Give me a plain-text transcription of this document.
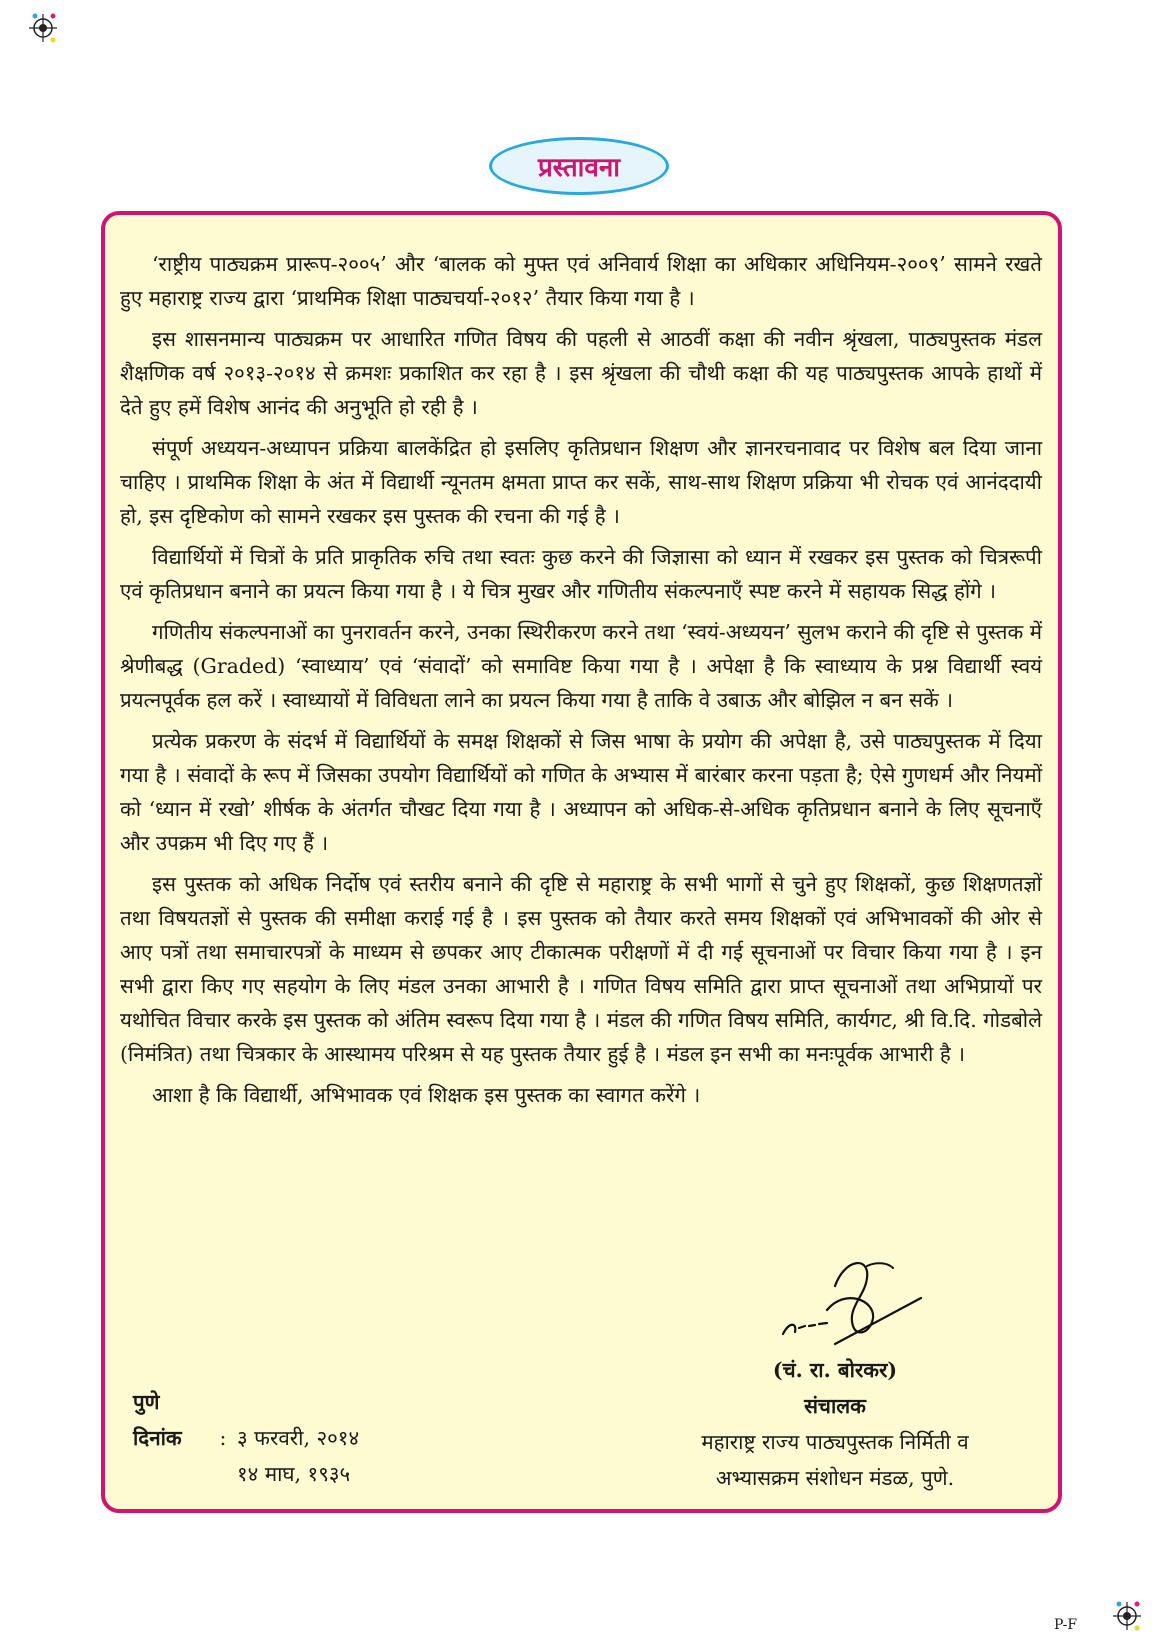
प्रस्तावना

‘राष्ट्रीय पाठ्यक्रम प्रारूप-२००५’ और ‘बालक को मुफ्त एवं अनिवार्य शिक्षा का अधिकार अधिनियम-२००९’ सामने रखते हुए महाराष्ट्र राज्य द्वारा ‘प्राथमिक शिक्षा पाठ्यचर्या-२०१२’ तैयार किया गया है ।

इस शासनमान्य पाठ्यक्रम पर आधारित गणित विषय की पहली से आठवीं कक्षा की नवीन श्रृंखला, पाठ्यपुस्तक मंडल शैक्षणिक वर्ष २०१३-२०१४ से क्रमशः प्रकाशित कर रहा है । इस श्रृंखला की चौथी कक्षा की यह पाठ्यपुस्तक आपके हाथों में देते हुए हमें विशेष आनंद की अनुभूति हो रही है ।

संपूर्ण अध्ययन-अध्यापन प्रक्रिया बालकेंद्रित हो इसलिए कृतिप्रधान शिक्षण और ज्ञानरचनावाद पर विशेष बल दिया जाना चाहिए । प्राथमिक शिक्षा के अंत में विद्यार्थी न्यूनतम क्षमता प्राप्त कर सकें, साथ-साथ शिक्षण प्रक्रिया भी रोचक एवं आनंददायी हो, इस दृष्टिकोण को सामने रखकर इस पुस्तक की रचना की गई है ।

विद्यार्थियों में चित्रों के प्रति प्राकृतिक रुचि तथा स्वतः कुछ करने की जिज्ञासा को ध्यान में रखकर इस पुस्तक को चित्ररूपी एवं कृतिप्रधान बनाने का प्रयत्न किया गया है । ये चित्र मुखर और गणितीय संकल्पनाएँ स्पष्ट करने में सहायक सिद्ध होंगे ।

गणितीय संकल्पनाओं का पुनरावर्तन करने, उनका स्थिरीकरण करने तथा ‘स्वयं-अध्ययन’ सुलभ कराने की दृष्टि से पुस्तक में श्रेणीबद्ध (Graded) ‘स्वाध्याय’ एवं ‘संवादों’ को समाविष्ट किया गया है । अपेक्षा है कि स्वाध्याय के प्रश्न विद्यार्थी स्वयं प्रयत्नपूर्वक हल करें । स्वाध्यायों में विविधता लाने का प्रयत्न किया गया है ताकि वे उबाऊ और बोझिल न बन सकें ।

प्रत्येक प्रकरण के संदर्भ में विद्यार्थियों के समक्ष शिक्षकों से जिस भाषा के प्रयोग की अपेक्षा है, उसे पाठ्यपुस्तक में दिया गया है । संवादों के रूप में जिसका उपयोग विद्यार्थियों को गणित के अभ्यास में बारंबार करना पड़ता है; ऐसे गुणधर्म और नियमों को ‘ध्यान में रखो’ शीर्षक के अंतर्गत चौखट दिया गया है । अध्यापन को अधिक-से-अधिक कृतिप्रधान बनाने के लिए सूचनाएँ और उपक्रम भी दिए गए हैं ।

इस पुस्तक को अधिक निर्दोष एवं स्तरीय बनाने की दृष्टि से महाराष्ट्र के सभी भागों से चुने हुए शिक्षकों, कुछ शिक्षणतज्ञों तथा विषयतज्ञों से पुस्तक की समीक्षा कराई गई है । इस पुस्तक को तैयार करते समय शिक्षकों एवं अभिभावकों की ओर से आए पत्रों तथा समाचारपत्रों के माध्यम से छपकर आए टीकात्मक परीक्षणों में दी गई सूचनाओं पर विचार किया गया है । इन सभी द्वारा किए गए सहयोग के लिए मंडल उनका आभारी है । गणित विषय समिति द्वारा प्राप्त सूचनाओं तथा अभिप्रायों पर यथोचित विचार करके इस पुस्तक को अंतिम स्वरूप दिया गया है । मंडल की गणित विषय समिति, कार्यगट, श्री वि.दि. गोडबोले (निमंत्रित) तथा चित्रकार के आस्थामय परिश्रम से यह पुस्तक तैयार हुई है । मंडल इन सभी का मनःपूर्वक आभारी है ।

आशा है कि विद्यार्थी, अभिभावक एवं शिक्षक इस पुस्तक का स्वागत करेंगे ।

(चं. रा. बोरकर)
संचालक
महाराष्ट्र राज्य पाठ्यपुस्तक निर्मिती व
अभ्यासक्रम संशोधन मंडळ, पुणे.
पुणे
दिनांक	: ३ फरवरी, २०१४
१४ माघ, १९३५
P-F
